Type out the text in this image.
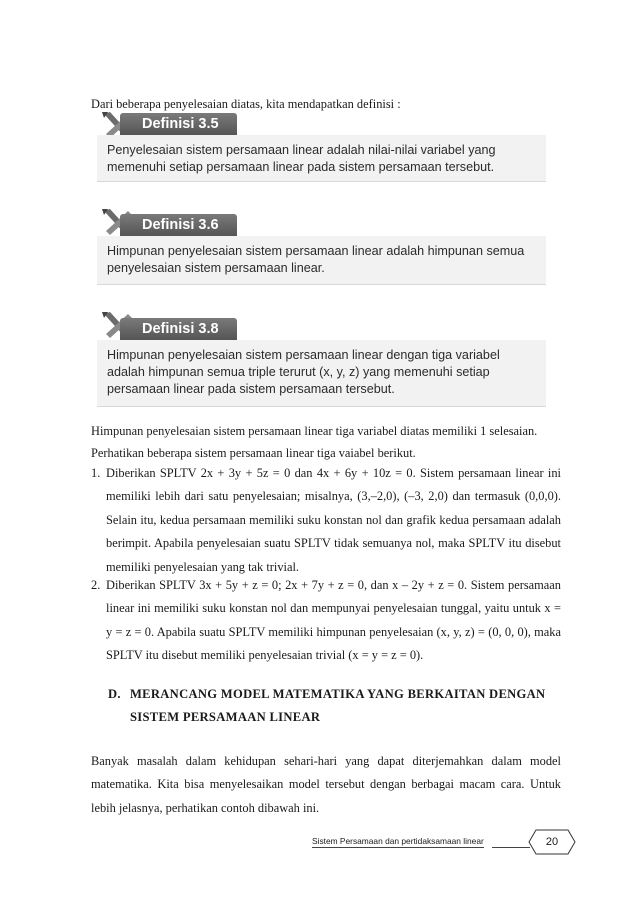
Dari beberapa penyelesaian diatas, kita mendapatkan definisi :
Definisi 3.5
Penyelesaian sistem persamaan linear adalah nilai-nilai variabel yang memenuhi setiap persamaan linear pada sistem persamaan tersebut.
Definisi 3.6
Himpunan penyelesaian sistem persamaan linear adalah himpunan semua penyelesaian sistem persamaan linear.
Definisi 3.8
Himpunan penyelesaian sistem persamaan linear dengan tiga variabel adalah himpunan semua triple terurut (x, y, z) yang memenuhi setiap persamaan linear pada sistem persamaan tersebut.
Himpunan penyelesaian sistem persamaan linear tiga variabel diatas memiliki 1 selesaian.
Perhatikan beberapa sistem persamaan linear tiga vaiabel berikut.
1. Diberikan SPLTV 2x + 3y + 5z = 0 dan 4x + 6y + 10z = 0. Sistem persamaan linear ini memiliki lebih dari satu penyelesaian; misalnya, (3,–2,0), (–3, 2,0) dan termasuk (0,0,0). Selain itu, kedua persamaan memiliki suku konstan nol dan grafik kedua persamaan adalah berimpit. Apabila penyelesaian suatu SPLTV tidak semuanya nol, maka SPLTV itu disebut memiliki penyelesaian yang tak trivial.
2. Diberikan SPLTV 3x + 5y + z = 0; 2x + 7y + z = 0, dan x – 2y + z = 0. Sistem persamaan linear ini memiliki suku konstan nol dan mempunyai penyelesaian tunggal, yaitu untuk x = y = z = 0. Apabila suatu SPLTV memiliki himpunan penyelesaian (x, y, z) = (0, 0, 0), maka SPLTV itu disebut memiliki penyelesaian trivial (x = y = z = 0).
D. MERANCANG MODEL MATEMATIKA YANG BERKAITAN DENGAN SISTEM PERSAMAAN LINEAR
Banyak masalah dalam kehidupan sehari-hari yang dapat diterjemahkan dalam model matematika. Kita bisa menyelesaikan model tersebut dengan berbagai macam cara. Untuk lebih jelasnya, perhatikan contoh dibawah ini.
Sistem Persamaan dan pertidaksamaan linear	20
